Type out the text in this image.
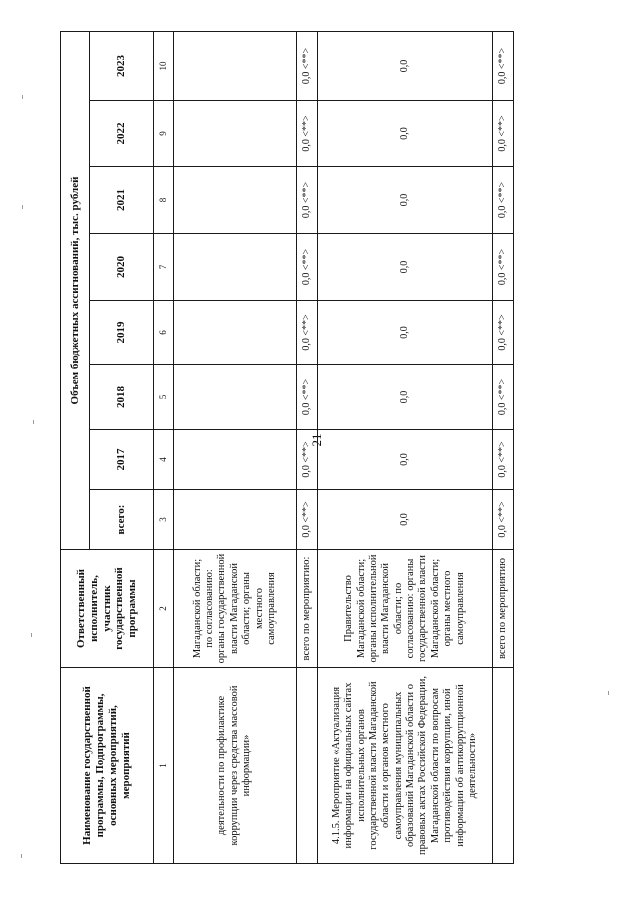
21
Наименование государственной программы, Подпрограммы, основных мероприятий, мероприятий	Ответственный исполнитель, участник государственной программы	Объем бюджетных ассигнований, тыс. рублей							
		всего:	2017	2018	2019	2020	2021	2022	2023
1	2	3	4	5	6	7	8	9	10
деятельности по профилактике коррупции через средства массовой информации»	Магаданской области; по согласованию: органы государственной власти Магаданской области; органы местного самоуправления								
	всего по мероприятию:	0,0 <**>	0,0 <**>	0,0 <**>	0,0 <**>	0,0 <**>	0,0 <**>	0,0 <**>	0,0 <**>
4.1.5. Мероприятие «Актуализация информации на официальных сайтах исполнительных органов государственной власти Магаданской области и органов местного самоуправления муниципальных образований Магаданской области о правовых актах Российской Федерации, Магаданской области по вопросам противодействия коррупции, иной информации об антикоррупционной деятельности»	Правительство Магаданской области; органы исполнительной власти Магаданской области; по согласованию: органы государственной власти Магаданской области; органы местного самоуправления	0,0	0,0	0,0	0,0	0,0	0,0	0,0	0,0
	всего по мероприятию	0,0 <**>	0,0 <**>	0,0 <**>	0,0 <**>	0,0 <**>	0,0 <**>	0,0 <**>	0,0 <**>
